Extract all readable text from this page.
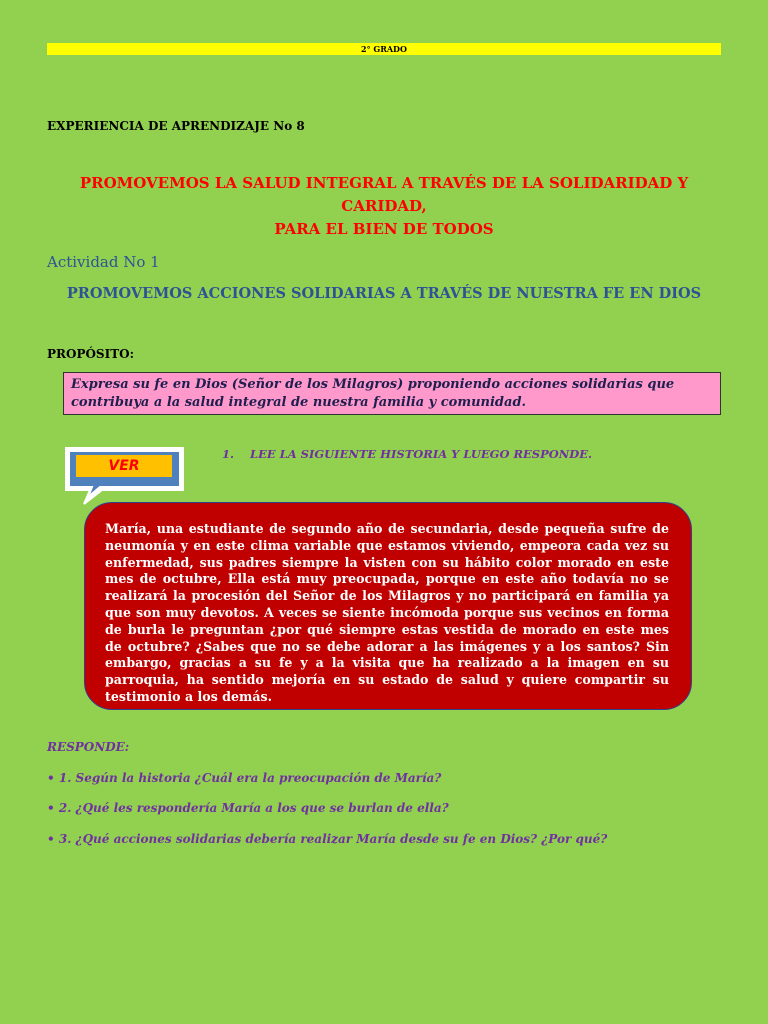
2° GRADO
EXPERIENCIA DE APRENDIZAJE No 8
PROMOVEMOS LA SALUD INTEGRAL A TRAVÉS DE LA SOLIDARIDAD Y CARIDAD,
PARA EL BIEN DE TODOS
Actividad No 1
PROMOVEMOS ACCIONES SOLIDARIAS A TRAVÉS DE NUESTRA FE EN DIOS
PROPÓSITO:
Expresa su fe en Dios (Señor de los Milagros) proponiendo acciones solidarias que contribuya a la salud integral de nuestra familia y comunidad.
VER
1.    LEE LA SIGUIENTE HISTORIA Y LUEGO RESPONDE.
María, una estudiante de segundo año de secundaria, desde pequeña sufre de neumonía y en este clima variable que estamos viviendo, empeora cada vez su enfermedad, sus padres siempre la visten con su hábito color morado en este mes de octubre, Ella está muy preocupada, porque en este año todavía no se realizará la procesión del Señor de los Milagros y no participará en familia ya que son muy devotos. A veces se siente incómoda porque sus vecinos en forma de burla le preguntan ¿por qué siempre estas vestida de morado en este mes de octubre? ¿Sabes que no se debe adorar a las imágenes y a los santos? Sin embargo, gracias a su fe y a la visita que ha realizado a la imagen en su parroquia, ha sentido mejoría en su estado de salud y quiere compartir su testimonio a los demás.
RESPONDE:
• 1. Según la historia ¿Cuál era la preocupación de María?
• 2. ¿Qué les respondería María a los que se burlan de ella?
• 3. ¿Qué acciones solidarias debería realizar María desde su fe en Dios? ¿Por qué?
